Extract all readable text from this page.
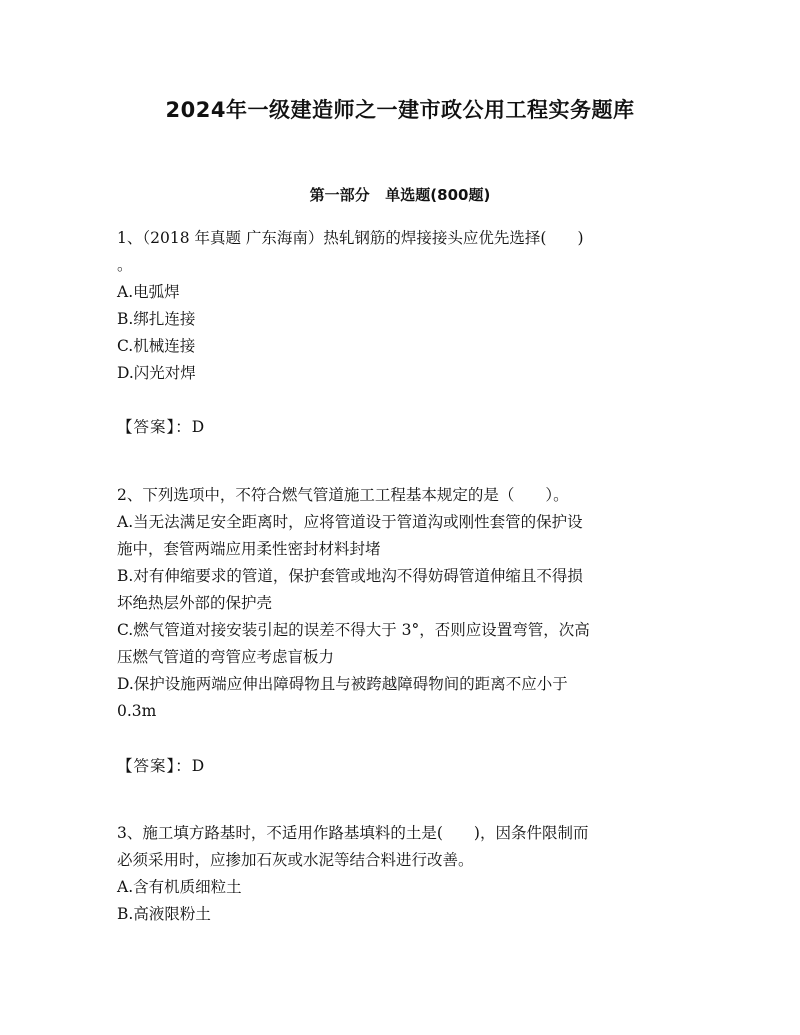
2024年一级建造师之一建市政公用工程实务题库
第一部分   单选题(800题)
1、（2018 年真题 广东海南）热轧钢筋的焊接接头应优先选择(　　)
。
A.电弧焊
B.绑扎连接
C.机械连接
D.闪光对焊
【答案】：D
2、下列选项中，不符合燃气管道施工工程基本规定的是（　　）。
A.当无法满足安全距离时，应将管道设于管道沟或刚性套管的保护设
施中，套管两端应用柔性密封材料封堵
B.对有伸缩要求的管道，保护套管或地沟不得妨碍管道伸缩且不得损
坏绝热层外部的保护壳
C.燃气管道对接安装引起的误差不得大于 3°，否则应设置弯管，次高
压燃气管道的弯管应考虑盲板力
D.保护设施两端应伸出障碍物且与被跨越障碍物间的距离不应小于
0.3m
【答案】：D
3、施工填方路基时，不适用作路基填料的土是(　　)，因条件限制而
必须采用时，应掺加石灰或水泥等结合料进行改善。
A.含有机质细粒土
B.高液限粉土
